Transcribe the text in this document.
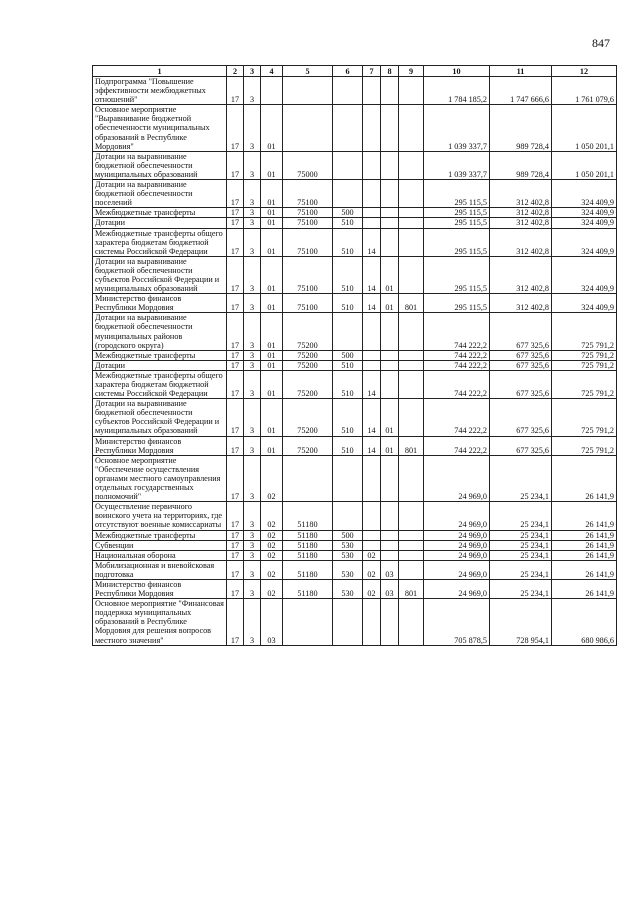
847
1	2	3	4	5	6	7	8	9	10	11	12
Подпрограмма "Повышение эффективности межбюджетных отношений"	17	3							1 784 185,2	1 747 666,6	1 761 079,6
Основное мероприятие "Выравнивание бюджетной обеспеченности муниципальных образований в Республике Мордовия"	17	3	01						1 039 337,7	989 728,4	1 050 201,1
Дотации на выравнивание бюджетной обеспеченности муниципальных образований	17	3	01	75000					1 039 337,7	989 728,4	1 050 201,1
Дотации на выравнивание бюджетной обеспеченности поселений	17	3	01	75100					295 115,5	312 402,8	324 409,9
Межбюджетные трансферты	17	3	01	75100	500				295 115,5	312 402,8	324 409,9
Дотации	17	3	01	75100	510				295 115,5	312 402,8	324 409,9
Межбюджетные трансферты общего характера бюджетам бюджетной системы Российской Федерации	17	3	01	75100	510	14			295 115,5	312 402,8	324 409,9
Дотации на выравнивание бюджетной обеспеченности субъектов Российской Федерации и муниципальных образований	17	3	01	75100	510	14	01		295 115,5	312 402,8	324 409,9
Министерство финансов Республики Мордовия	17	3	01	75100	510	14	01	801	295 115,5	312 402,8	324 409,9
Дотации на выравнивание бюджетной обеспеченности муниципальных районов (городского округа)	17	3	01	75200					744 222,2	677 325,6	725 791,2
Межбюджетные трансферты	17	3	01	75200	500				744 222,2	677 325,6	725 791,2
Дотации	17	3	01	75200	510				744 222,2	677 325,6	725 791,2
Межбюджетные трансферты общего характера бюджетам бюджетной системы Российской Федерации	17	3	01	75200	510	14			744 222,2	677 325,6	725 791,2
Дотации на выравнивание бюджетной обеспеченности субъектов Российской Федерации и муниципальных образований	17	3	01	75200	510	14	01		744 222,2	677 325,6	725 791,2
Министерство финансов Республики Мордовия	17	3	01	75200	510	14	01	801	744 222,2	677 325,6	725 791,2
Основное мероприятие "Обеспечение осуществления органами местного самоуправления отдельных государственных полномочий"	17	3	02						24 969,0	25 234,1	26 141,9
Осуществление первичного воинского учета на территориях, где отсутствуют военные комиссариаты	17	3	02	51180					24 969,0	25 234,1	26 141,9
Межбюджетные трансферты	17	3	02	51180	500				24 969,0	25 234,1	26 141,9
Субвенции	17	3	02	51180	530				24 969,0	25 234,1	26 141,9
Национальная оборона	17	3	02	51180	530	02			24 969,0	25 234,1	26 141,9
Мобилизационная и вневойсковая подготовка	17	3	02	51180	530	02	03		24 969,0	25 234,1	26 141,9
Министерство финансов Республики Мордовия	17	3	02	51180	530	02	03	801	24 969,0	25 234,1	26 141,9
Основное мероприятие "Финансовая поддержка муниципальных образований в Республике Мордовия для решения вопросов местного значения"	17	3	03						705 878,5	728 954,1	680 986,6
